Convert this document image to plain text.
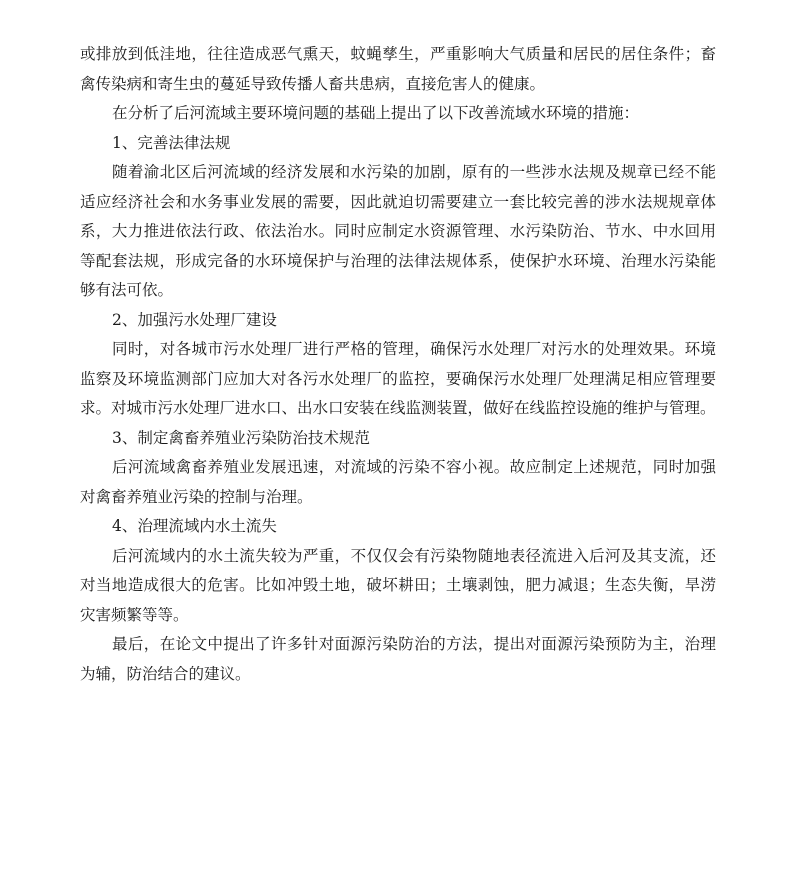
或排放到低洼地，往往造成恶气熏天，蚊蝇孳生，严重影响大气质量和居民的居住条件；畜
禽传染病和寄生虫的蔓延导致传播人畜共患病，直接危害人的健康。
在分析了后河流域主要环境问题的基础上提出了以下改善流域水环境的措施：
1、完善法律法规
随着渝北区后河流域的经济发展和水污染的加剧，原有的一些涉水法规及规章已经不能
适应经济社会和水务事业发展的需要，因此就迫切需要建立一套比较完善的涉水法规规章体
系，大力推进依法行政、依法治水。同时应制定水资源管理、水污染防治、节水、中水回用
等配套法规，形成完备的水环境保护与治理的法律法规体系，使保护水环境、治理水污染能
够有法可依。
2、加强污水处理厂建设
同时，对各城市污水处理厂进行严格的管理，确保污水处理厂对污水的处理效果。环境
监察及环境监测部门应加大对各污水处理厂的监控，要确保污水处理厂处理满足相应管理要
求。对城市污水处理厂进水口、出水口安装在线监测装置，做好在线监控设施的维护与管理。
3、制定禽畜养殖业污染防治技术规范
后河流域禽畜养殖业发展迅速，对流域的污染不容小视。故应制定上述规范，同时加强
对禽畜养殖业污染的控制与治理。
4、治理流域内水土流失
后河流域内的水土流失较为严重，不仅仅会有污染物随地表径流进入后河及其支流，还
对当地造成很大的危害。比如冲毁土地，破坏耕田；土壤剥蚀，肥力减退；生态失衡，旱涝
灾害频繁等等。
最后，在论文中提出了许多针对面源污染防治的方法，提出对面源污染预防为主，治理
为辅，防治结合的建议。
